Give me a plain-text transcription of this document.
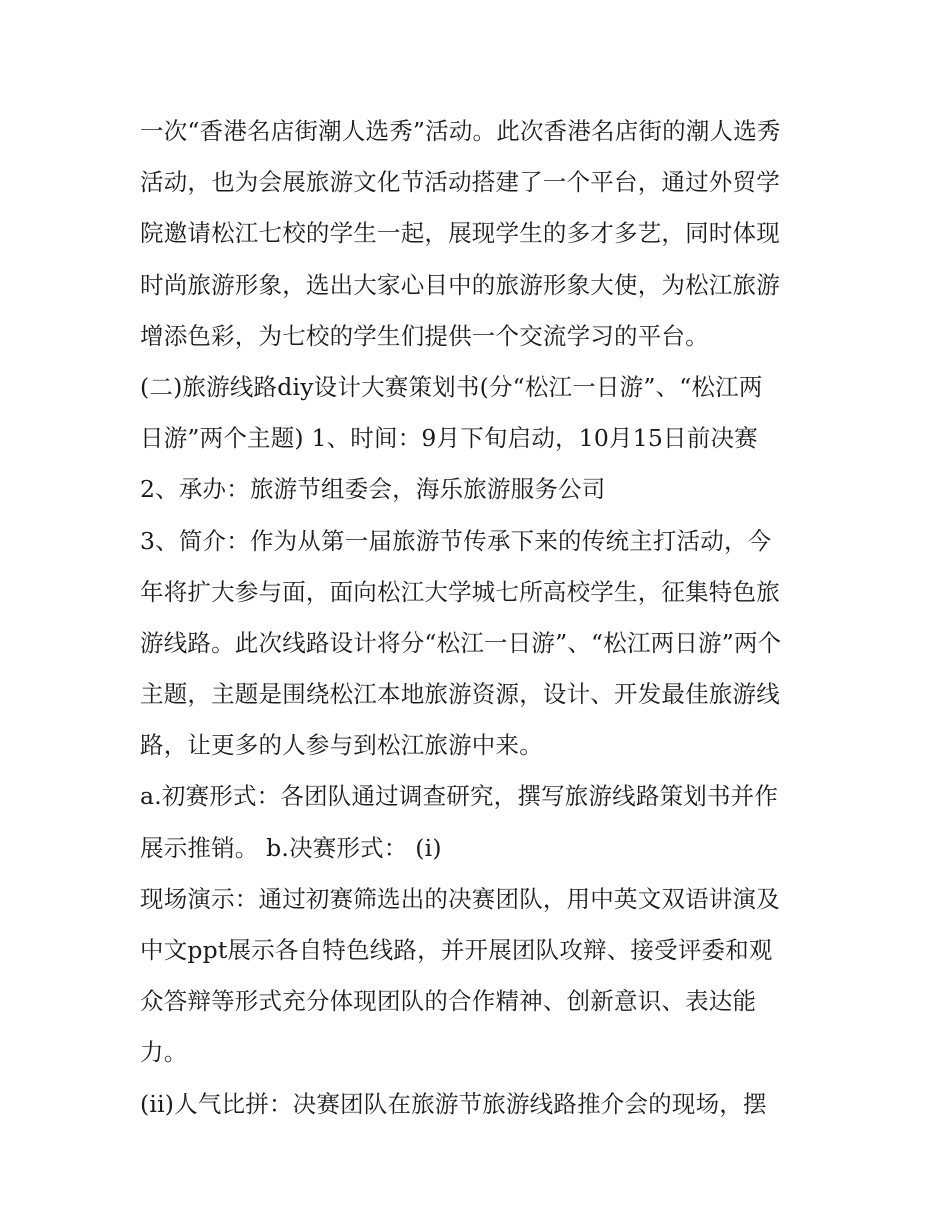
一次“香港名店街潮人选秀”活动。此次香港名店街的潮人选秀
活动，也为会展旅游文化节活动搭建了一个平台，通过外贸学
院邀请松江七校的学生一起，展现学生的多才多艺，同时体现
时尚旅游形象，选出大家心目中的旅游形象大使，为松江旅游
增添色彩，为七校的学生们提供一个交流学习的平台。
(二)旅游线路diy设计大赛策划书(分“松江一日游”、“松江两
日游”两个主题) 1、时间：9月下旬启动，10月15日前决赛
2、承办：旅游节组委会，海乐旅游服务公司
3、简介：作为从第一届旅游节传承下来的传统主打活动，今
年将扩大参与面，面向松江大学城七所高校学生，征集特色旅
游线路。此次线路设计将分“松江一日游”、“松江两日游”两个
主题，主题是围绕松江本地旅游资源，设计、开发最佳旅游线
路，让更多的人参与到松江旅游中来。
a.初赛形式：各团队通过调查研究，撰写旅游线路策划书并作
展示推销。 b.决赛形式： (i)
现场演示：通过初赛筛选出的决赛团队，用中英文双语讲演及
中文ppt展示各自特色线路，并开展团队攻辩、接受评委和观
众答辩等形式充分体现团队的合作精神、创新意识、表达能
力。
(ii)人气比拼：决赛团队在旅游节旅游线路推介会的现场，摆
